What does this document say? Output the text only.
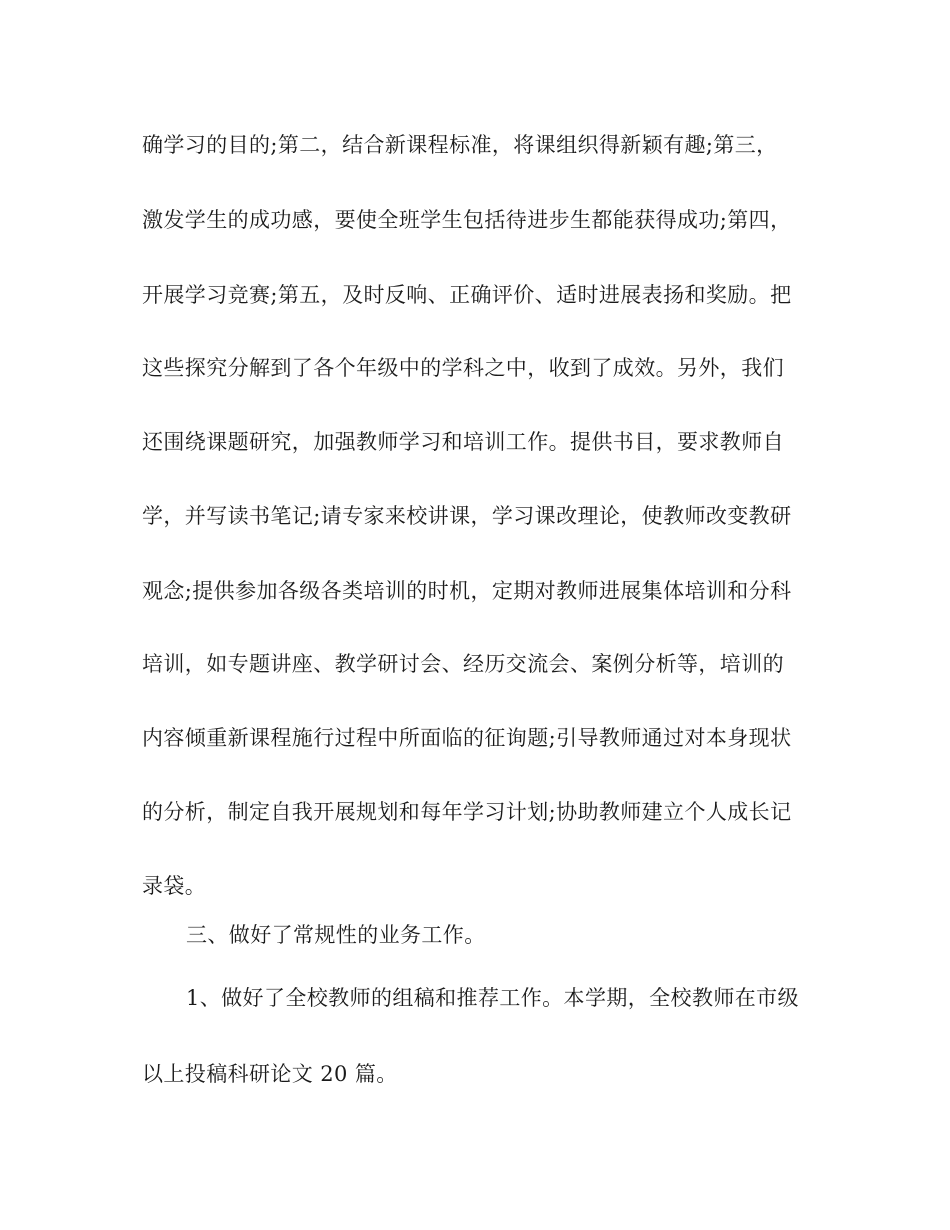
确学习的目的;第二，结合新课程标准，将课组织得新颖有趣;第三，
激发学生的成功感，要使全班学生包括待进步生都能获得成功;第四，
开展学习竞赛;第五，及时反响、正确评价、适时进展表扬和奖励。把
这些探究分解到了各个年级中的学科之中，收到了成效。另外，我们
还围绕课题研究，加强教师学习和培训工作。提供书目，要求教师自
学，并写读书笔记;请专家来校讲课，学习课改理论，使教师改变教研
观念;提供参加各级各类培训的时机，定期对教师进展集体培训和分科
培训，如专题讲座、教学研讨会、经历交流会、案例分析等，培训的
内容倾重新课程施行过程中所面临的征询题;引导教师通过对本身现状
的分析，制定自我开展规划和每年学习计划;协助教师建立个人成长记
录袋。
三、做好了常规性的业务工作。
1、做好了全校教师的组稿和推荐工作。本学期，全校教师在市级
以上投稿科研论文 20 篇。
